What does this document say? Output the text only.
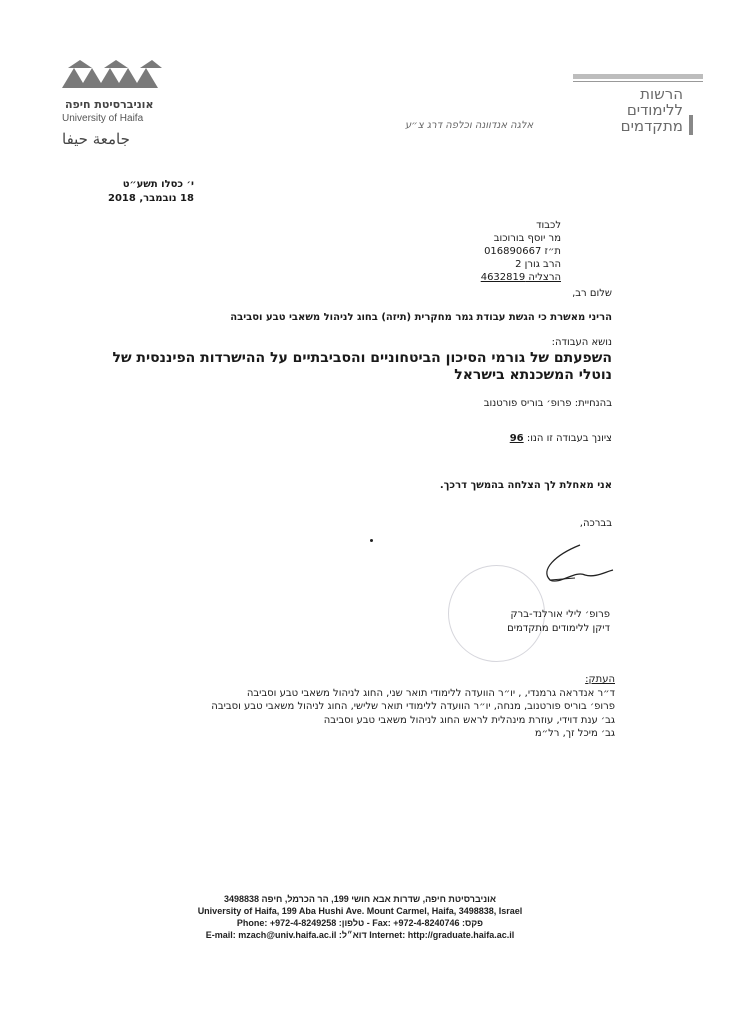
אוניברסיטת חיפה
University of Haifa
جامعة حيفا
אלגה אנדוונה וכלפה דרג צ״ע
הרשות
ללימודים
מתקדמים
י׳ כסלו תשע״ט
18 נובמבר, 2018
לכבוד
מר יוסף בורוכוב
ת״ז 016890667
הרב גורן 2
הרצליה 4632819
שלום רב,
הריני מאשרת כי הגשת עבודת גמר מחקרית (תיזה) בחוג לניהול משאבי טבע וסביבה
נושא העבודה:
השפעתם של גורמי הסיכון הביטחוניים והסביבתיים על ההישרדות הפיננסית של נוטלי המשכנתא בישראל
בהנחיית: פרופ׳ בוריס פורטנוב
ציונך בעבודה זו הנו: 96
אני מאחלת לך הצלחה בהמשך דרכך.
בברכה,
פרופ׳ לילי אורלנד-ברק
דיקן ללימודים מתקדמים
העתק:
ד״ר אנדראה גרמנדי, , יו״ר הוועדה ללימודי תואר שני, החוג לניהול משאבי טבע וסביבה
פרופ׳ בוריס פורטנוב, מנחה, יו״ר הוועדה ללימודי תואר שלישי, החוג לניהול משאבי טבע וסביבה
גב׳ ענת דוידי, עוזרת מינהלית לראש החוג לניהול משאבי טבע וסביבה
גב׳ מיכל זך, רל״מ
אוניברסיטת חיפה, שדרות אבא חושי 199, הר הכרמל, חיפה 3498838
University of Haifa, 199 Aba Hushi Ave. Mount Carmel, Haifa, 3498838, Israel
Phone: +972-4-8249258 :טלפון - Fax: +972-4-8240746 :פקס
E-mail: mzach@univ.haifa.ac.il :דוא״ל Internet: http://graduate.haifa.ac.il
